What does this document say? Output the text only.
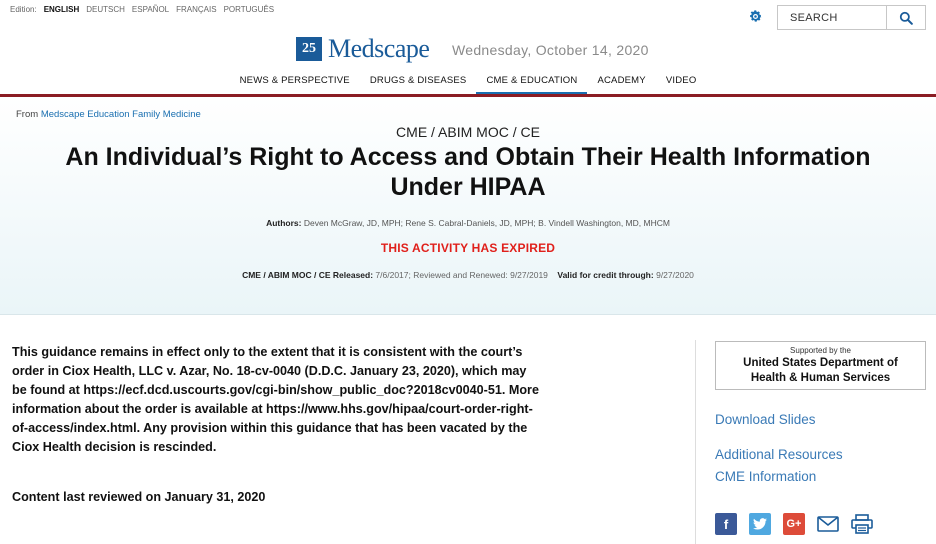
Edition: ENGLISH DEUTSCH ESPAÑOL FRANÇAIS PORTUGUÊS
SEARCH
25 Medscape Wednesday, October 14, 2020
NEWS & PERSPECTIVE	DRUGS & DISEASES	CME & EDUCATION	ACADEMY	VIDEO
From Medscape Education Family Medicine
CME / ABIM MOC / CE
An Individual’s Right to Access and Obtain Their Health Information
Under HIPAA
Authors: Deven McGraw, JD, MPH; Rene S. Cabral-Daniels, JD, MPH; B. Vindell Washington, MD, MHCM
THIS ACTIVITY HAS EXPIRED
CME / ABIM MOC / CE Released: 7/6/2017; Reviewed and Renewed: 9/27/2019 Valid for credit through: 9/27/2020
This guidance remains in effect only to the extent that it is consistent with the court’s order in Ciox Health, LLC v. Azar, No. 18-cv-0040 (D.D.C. January 23, 2020), which may be found at https://ecf.dcd.uscourts.gov/cgi-bin/show_public_doc?2018cv0040-51. More information about the order is available at https://www.hhs.gov/hipaa/court-order-right-of-access/index.html. Any provision within this guidance that has been vacated by the Ciox Health decision is rescinded.
Content last reviewed on January 31, 2020
Supported by the
United States Department of
Health & Human Services
Download Slides
Additional Resources
CME Information
f	G+
